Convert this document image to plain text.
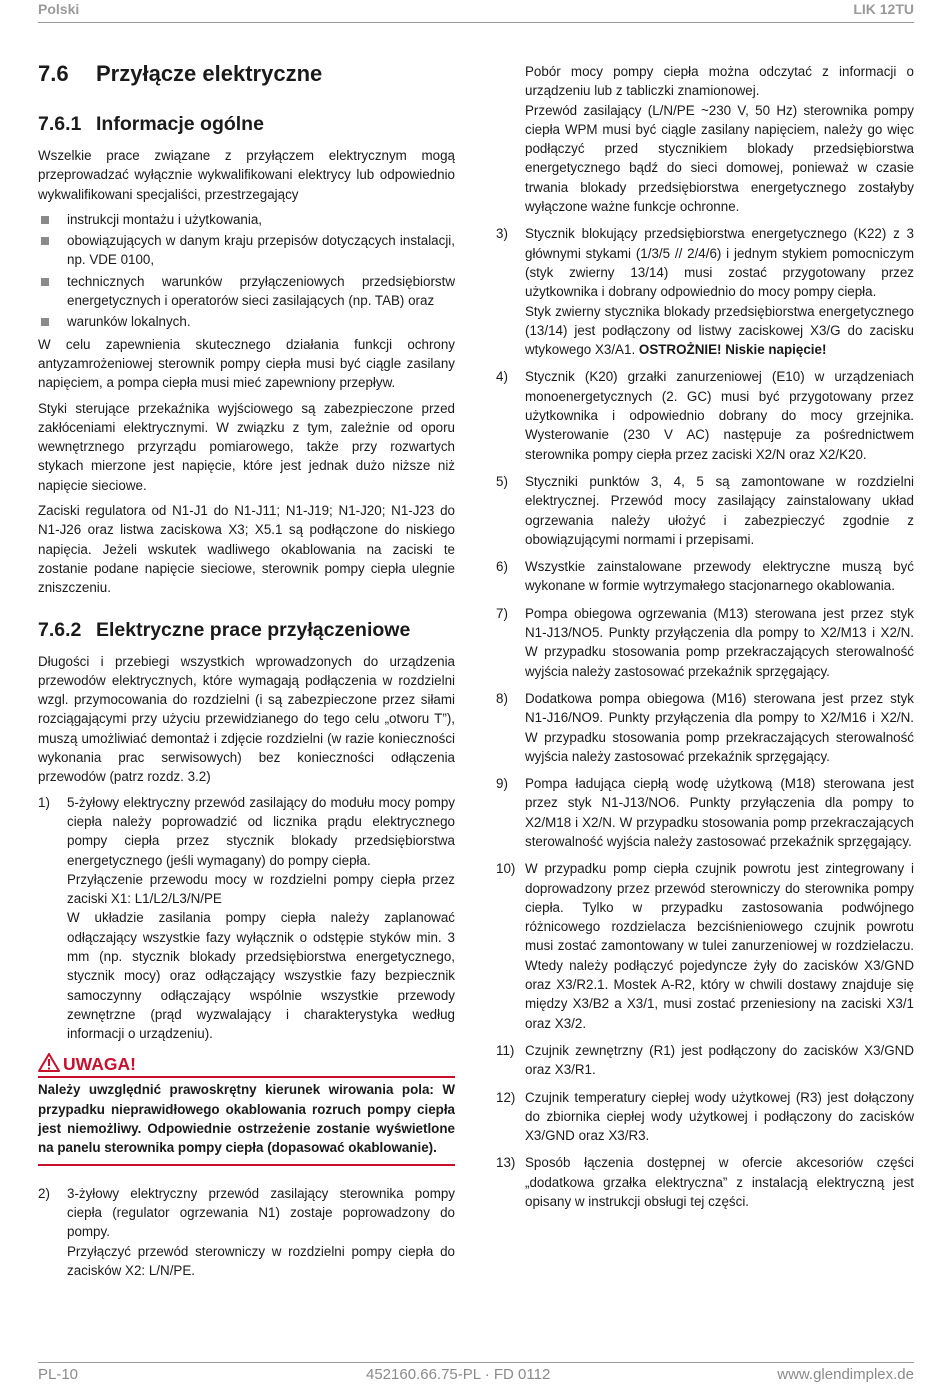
Polski	LIK 12TU
7.6 Przyłącze elektryczne
7.6.1 Informacje ogólne

Wszelkie prace związane z przyłączem elektrycznym mogą przeprowadzać wyłącznie wykwalifikowani elektrycy lub odpowiednio wykwalifikowani specjaliści, przestrzegający

instrukcji montażu i użytkowania,
obowiązujących w danym kraju przepisów dotyczących instalacji, np. VDE 0100,
technicznych warunków przyłączeniowych przedsiębiorstw energetycznych i operatorów sieci zasilających (np. TAB) oraz
warunków lokalnych.

W celu zapewnienia skutecznego działania funkcji ochrony antyzamrożeniowej sterownik pompy ciepła musi być ciągle zasilany napięciem, a pompa ciepła musi mieć zapewniony przepływ.

Styki sterujące przekaźnika wyjściowego są zabezpieczone przed zakłóceniami elektrycznymi. W związku z tym, zależnie od oporu wewnętrznego przyrządu pomiarowego, także przy rozwartych stykach mierzone jest napięcie, które jest jednak dużo niższe niż napięcie sieciowe.

Zaciski regulatora od N1-J1 do N1-J11; N1-J19; N1-J20; N1-J23 do N1-J26 oraz listwa zaciskowa X3; X5.1 są podłączone do niskiego napięcia. Jeżeli wskutek wadliwego okablowania na zaciski te zostanie podane napięcie sieciowe, sterownik pompy ciepła ulegnie zniszczeniu.

7.6.2 Elektryczne prace przyłączeniowe

Długości i przebiegi wszystkich wprowadzonych do urządzenia przewodów elektrycznych, które wymagają podłączenia w rozdzielni wzgl. przymocowania do rozdzielni (i są zabezpieczone przez siłami rozciągającymi przy użyciu przewidzianego do tego celu „otworu T”), muszą umożliwiać demontaż i zdjęcie rozdzielni (w razie konieczności wykonania prac serwisowych) bez konieczności odłączenia przewodów (patrz rozdz. 3.2)

1) 5-żyłowy elektryczny przewód zasilający do modułu mocy pompy ciepła należy poprowadzić od licznika prądu elektrycznego pompy ciepła przez stycznik blokady przedsiębiorstwa energetycznego (jeśli wymagany) do pompy ciepła.
Przyłączenie przewodu mocy w rozdzielni pompy ciepła przez zaciski X1: L1/L2/L3/N/PE
W układzie zasilania pompy ciepła należy zaplanować odłączający wszystkie fazy wyłącznik o odstępie styków min. 3 mm (np. stycznik blokady przedsiębiorstwa energetycznego, stycznik mocy) oraz odłączający wszystkie fazy bezpiecznik samoczynny odłączający wspólnie wszystkie przewody zewnętrzne (prąd wyzwalający i charakterystyka według informacji o urządzeniu).
UWAGA!
Należy uwzględnić prawoskrętny kierunek wirowania pola: W przypadku nieprawidłowego okablowania rozruch pompy ciepła jest niemożliwy. Odpowiednie ostrzeżenie zostanie wyświetlone na panelu sterownika pompy ciepła (dopasować okablowanie).
2) 3-żyłowy elektryczny przewód zasilający sterownika pompy ciepła (regulator ogrzewania N1) zostaje poprowadzony do pompy.
Przyłączyć przewód sterowniczy w rozdzielni pompy ciepła do zacisków X2: L/N/PE.
Pobór mocy pompy ciepła można odczytać z informacji o urządzeniu lub z tabliczki znamionowej.
Przewód zasilający (L/N/PE ~230 V, 50 Hz) sterownika pompy ciepła WPM musi być ciągle zasilany napięciem, należy go więc podłączyć przed stycznikiem blokady przedsiębiorstwa energetycznego bądź do sieci domowej, ponieważ w czasie trwania blokady przedsiębiorstwa energetycznego zostałyby wyłączone ważne funkcje ochronne.
3) Stycznik blokujący przedsiębiorstwa energetycznego (K22) z 3 głównymi stykami (1/3/5 // 2/4/6) i jednym stykiem pomocniczym (styk zwierny 13/14) musi zostać przygotowany przez użytkownika i dobrany odpowiednio do mocy pompy ciepła.
Styk zwierny stycznika blokady przedsiębiorstwa energetycznego (13/14) jest podłączony od listwy zaciskowej X3/G do zacisku wtykowego X3/A1. OSTROŻNIE! Niskie napięcie!
4) Stycznik (K20) grzałki zanurzeniowej (E10) w urządzeniach monoenergetycznych (2. GC) musi być przygotowany przez użytkownika i odpowiednio dobrany do mocy grzejnika. Wysterowanie (230 V AC) następuje za pośrednictwem sterownika pompy ciepła przez zaciski X2/N oraz X2/K20.
5) Styczniki punktów 3, 4, 5 są zamontowane w rozdzielni elektrycznej. Przewód mocy zasilający zainstalowany układ ogrzewania należy ułożyć i zabezpieczyć zgodnie z obowiązującymi normami i przepisami.
6) Wszystkie zainstalowane przewody elektryczne muszą być wykonane w formie wytrzymałego stacjonarnego okablowania.
7) Pompa obiegowa ogrzewania (M13) sterowana jest przez styk N1-J13/NO5. Punkty przyłączenia dla pompy to X2/M13 i X2/N. W przypadku stosowania pomp przekraczających sterowalność wyjścia należy zastosować przekaźnik sprzęgający.
8) Dodatkowa pompa obiegowa (M16) sterowana jest przez styk N1-J16/NO9. Punkty przyłączenia dla pompy to X2/M16 i X2/N. W przypadku stosowania pomp przekraczających sterowalność wyjścia należy zastosować przekaźnik sprzęgający.
9) Pompa ładująca ciepłą wodę użytkową (M18) sterowana jest przez styk N1-J13/NO6. Punkty przyłączenia dla pompy to X2/M18 i X2/N. W przypadku stosowania pomp przekraczających sterowalność wyjścia należy zastosować przekaźnik sprzęgający.
10) W przypadku pomp ciepła czujnik powrotu jest zintegrowany i doprowadzony przez przewód sterowniczy do sterownika pompy ciepła. Tylko w przypadku zastosowania podwójnego różnicowego rozdzielacza bezciśnieniowego czujnik powrotu musi zostać zamontowany w tulei zanurzeniowej w rozdzielaczu. Wtedy należy podłączyć pojedyncze żyły do zacisków X3/GND oraz X3/R2.1. Mostek A-R2, który w chwili dostawy znajduje się między X3/B2 a X3/1, musi zostać przeniesiony na zaciski X3/1 oraz X3/2.
11) Czujnik zewnętrzny (R1) jest podłączony do zacisków X3/GND oraz X3/R1.
12) Czujnik temperatury ciepłej wody użytkowej (R3) jest dołączony do zbiornika ciepłej wody użytkowej i podłączony do zacisków X3/GND oraz X3/R3.
13) Sposób łączenia dostępnej w ofercie akcesoriów części „dodatkowa grzałka elektryczna” z instalacją elektryczną jest opisany w instrukcji obsługi tej części.
PL-10	452160.66.75-PL · FD 0112	www.glendimplex.de
